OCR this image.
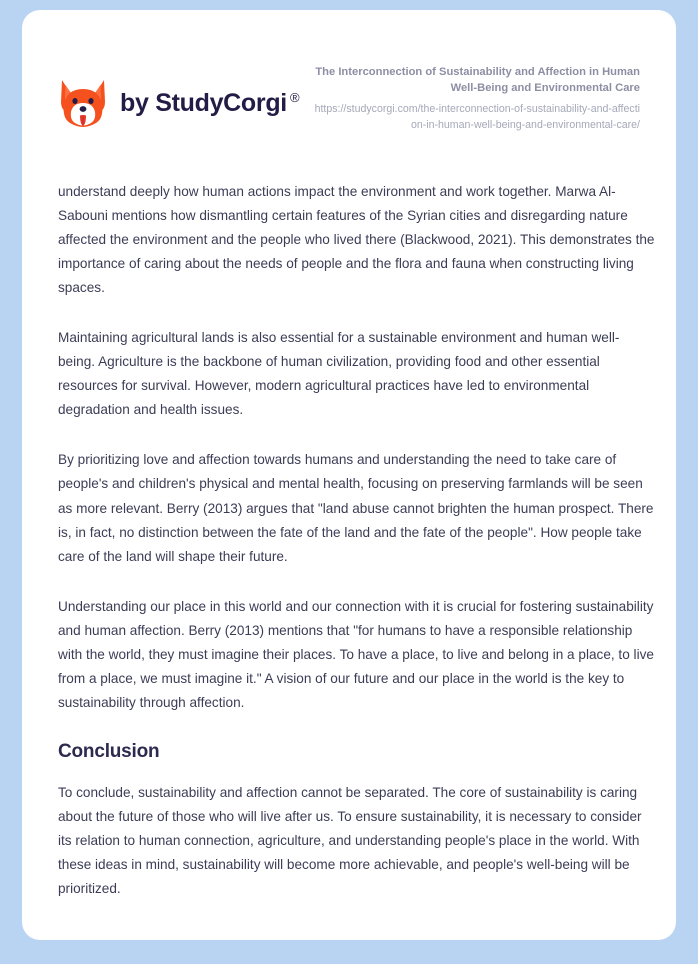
by StudyCorgi ®
The Interconnection of Sustainability and Affection in Human Well-Being and Environmental Care
https://studycorgi.com/the-interconnection-of-sustainability-and-affection-in-human-well-being-and-environmental-care/

understand deeply how human actions impact the environment and work together. Marwa Al-Sabouni mentions how dismantling certain features of the Syrian cities and disregarding nature affected the environment and the people who lived there (Blackwood, 2021). This demonstrates the importance of caring about the needs of people and the flora and fauna when constructing living spaces.

Maintaining agricultural lands is also essential for a sustainable environment and human well-being. Agriculture is the backbone of human civilization, providing food and other essential resources for survival. However, modern agricultural practices have led to environmental degradation and health issues.

By prioritizing love and affection towards humans and understanding the need to take care of people's and children's physical and mental health, focusing on preserving farmlands will be seen as more relevant. Berry (2013) argues that "land abuse cannot brighten the human prospect. There is, in fact, no distinction between the fate of the land and the fate of the people". How people take care of the land will shape their future.

Understanding our place in this world and our connection with it is crucial for fostering sustainability and human affection. Berry (2013) mentions that "for humans to have a responsible relationship with the world, they must imagine their places. To have a place, to live and belong in a place, to live from a place, we must imagine it." A vision of our future and our place in the world is the key to sustainability through affection.

Conclusion

To conclude, sustainability and affection cannot be separated. The core of sustainability is caring about the future of those who will live after us. To ensure sustainability, it is necessary to consider its relation to human connection, agriculture, and understanding people's place in the world. With these ideas in mind, sustainability will become more achievable, and people's well-being will be prioritized.
